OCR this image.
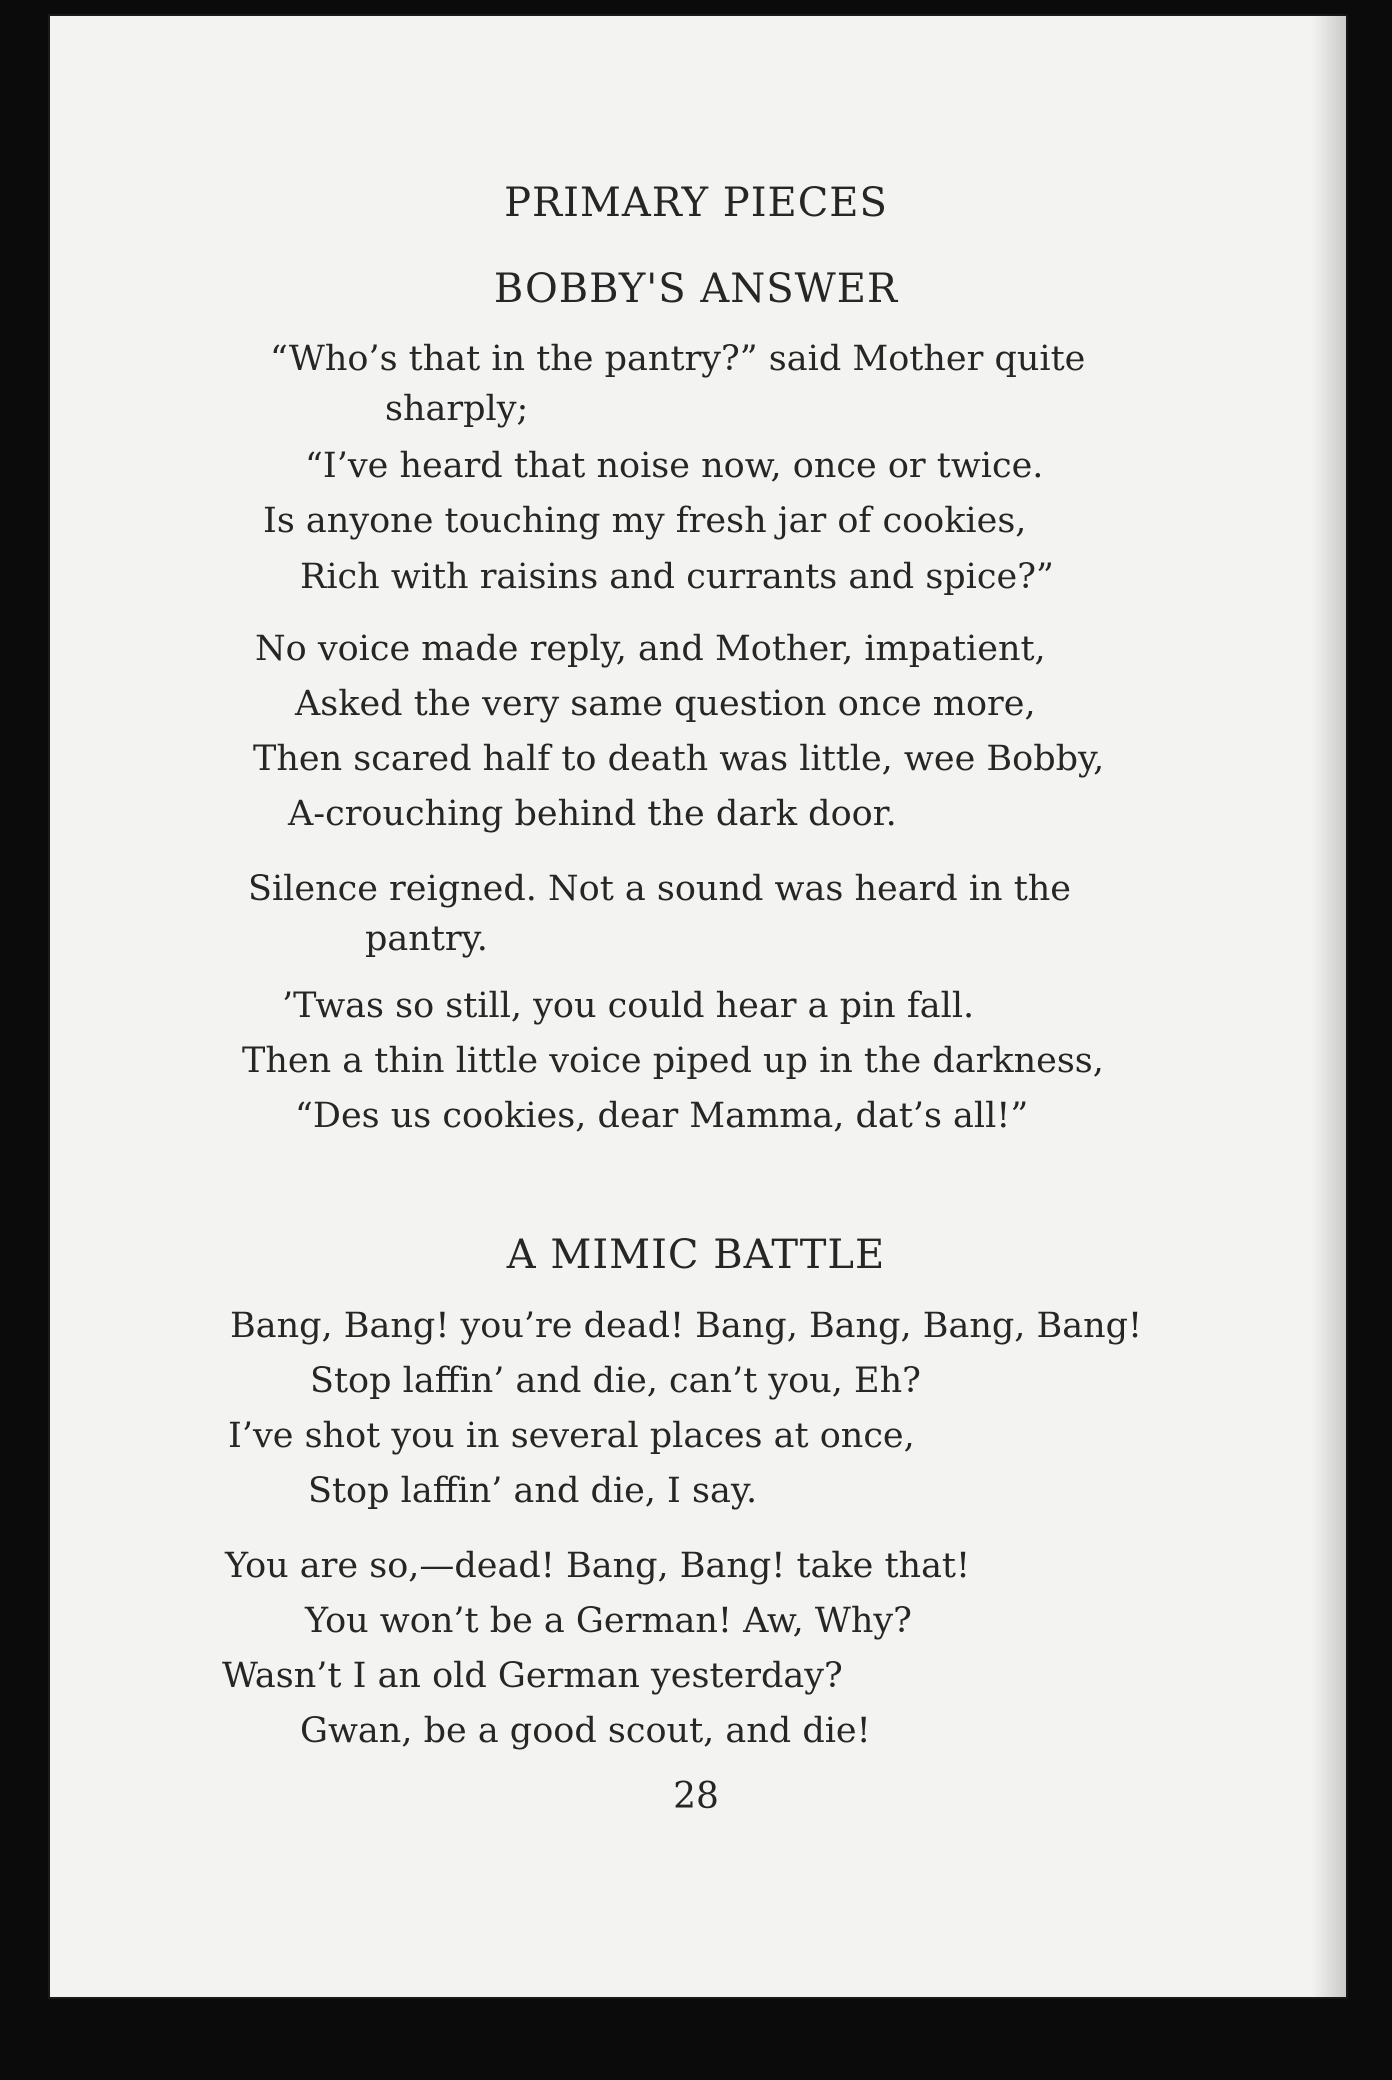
PRIMARY PIECES
BOBBY'S ANSWER
“Who’s that in the pantry?” said Mother quite
sharply;
“I’ve heard that noise now, once or twice.
Is anyone touching my fresh jar of cookies,
Rich with raisins and currants and spice?”
No voice made reply, and Mother, impatient,
Asked the very same question once more,
Then scared half to death was little, wee Bobby,
A-crouching behind the dark door.
Silence reigned. Not a sound was heard in the
pantry.
’Twas so still, you could hear a pin fall.
Then a thin little voice piped up in the darkness,
“Des us cookies, dear Mamma, dat’s all!”
A MIMIC BATTLE
Bang, Bang! you’re dead! Bang, Bang, Bang, Bang!
Stop laffin’ and die, can’t you, Eh?
I’ve shot you in several places at once,
Stop laffin’ and die, I say.
You are so,—dead! Bang, Bang! take that!
You won’t be a German! Aw, Why?
Wasn’t I an old German yesterday?
Gwan, be a good scout, and die!
28
